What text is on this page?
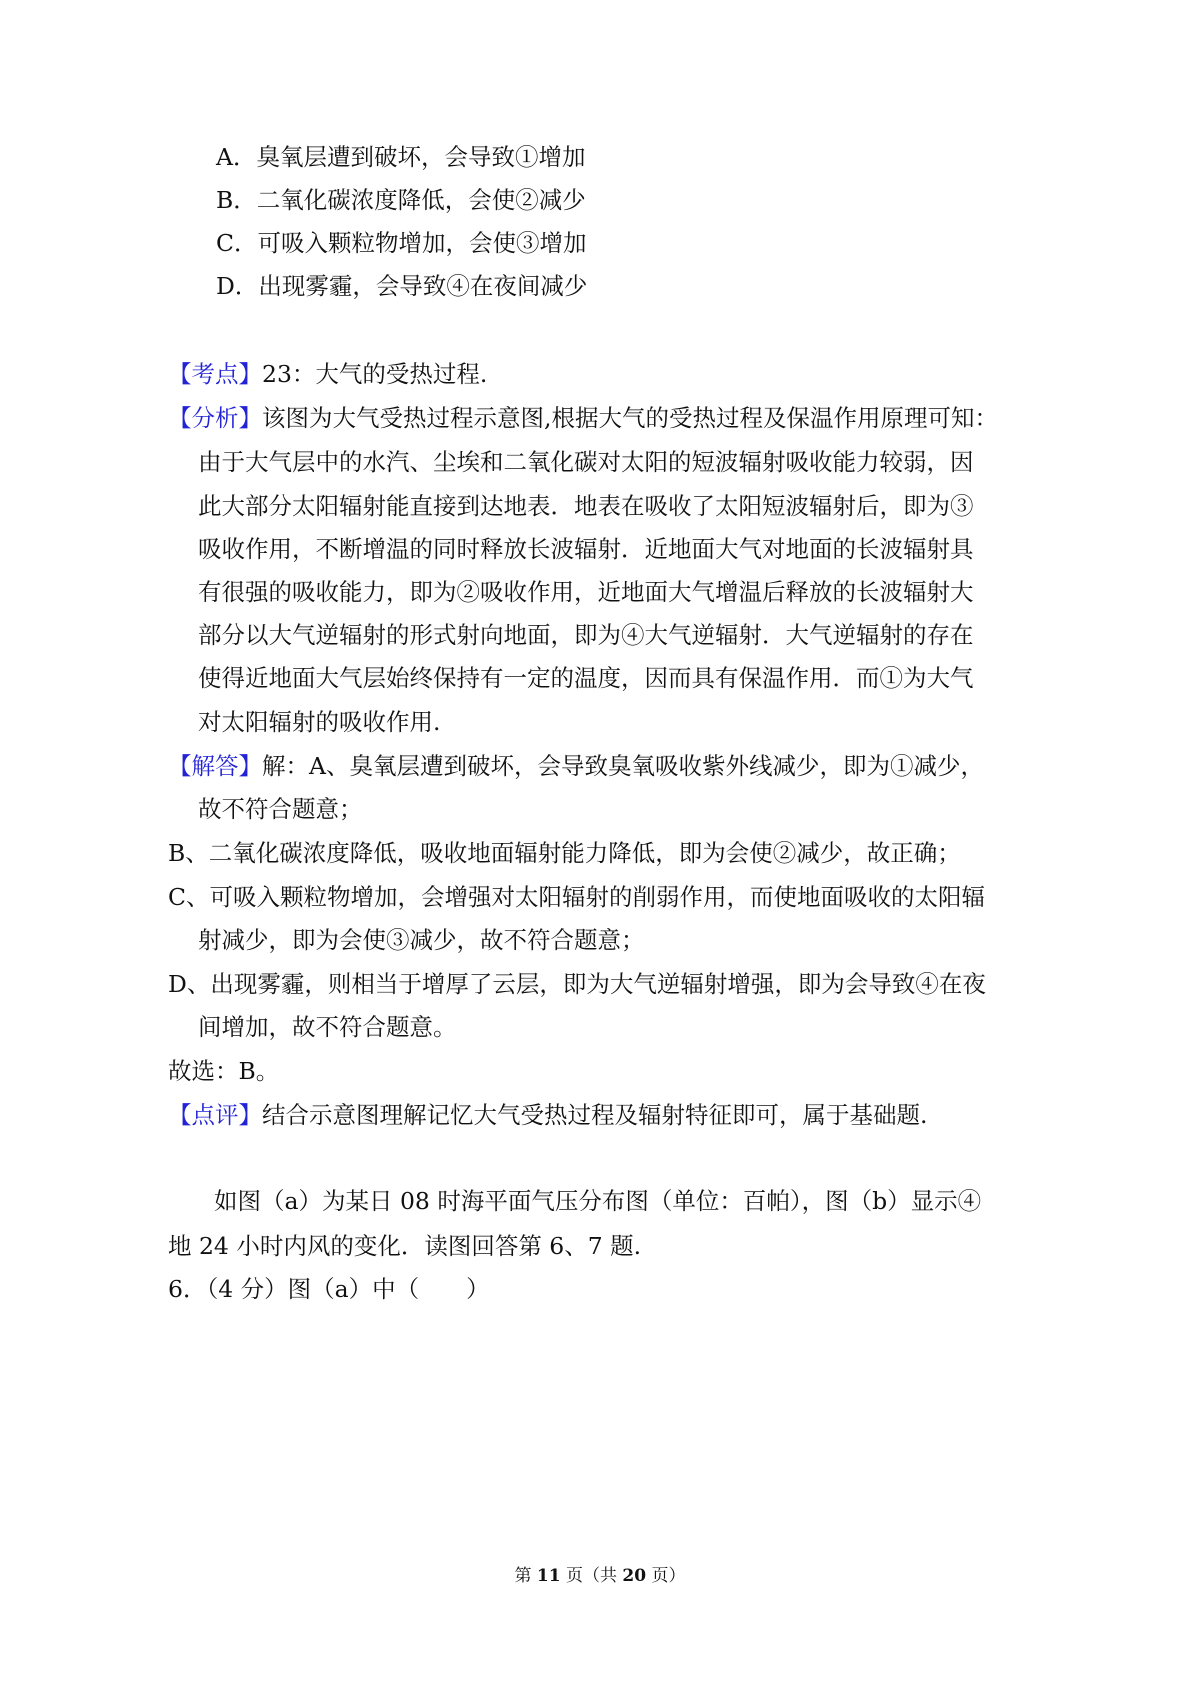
A．臭氧层遭到破坏，会导致①增加
B．二氧化碳浓度降低，会使②减少
C．可吸入颗粒物增加，会使③增加
D．出现雾霾，会导致④在夜间减少
【考点】23：大气的受热过程.
【分析】该图为大气受热过程示意图,根据大气的受热过程及保温作用原理可知：
由于大气层中的水汽、尘埃和二氧化碳对太阳的短波辐射吸收能力较弱，因
此大部分太阳辐射能直接到达地表．地表在吸收了太阳短波辐射后，即为③
吸收作用，不断增温的同时释放长波辐射．近地面大气对地面的长波辐射具
有很强的吸收能力，即为②吸收作用，近地面大气增温后释放的长波辐射大
部分以大气逆辐射的形式射向地面，即为④大气逆辐射．大气逆辐射的存在
使得近地面大气层始终保持有一定的温度，因而具有保温作用．而①为大气
对太阳辐射的吸收作用.
【解答】解：A、臭氧层遭到破坏，会导致臭氧吸收紫外线减少，即为①减少，
故不符合题意；
B、二氧化碳浓度降低，吸收地面辐射能力降低，即为会使②减少，故正确；
C、可吸入颗粒物增加，会增强对太阳辐射的削弱作用，而使地面吸收的太阳辐
射减少，即为会使③减少，故不符合题意；
D、出现雾霾，则相当于增厚了云层，即为大气逆辐射增强，即为会导致④在夜
间增加，故不符合题意。
故选：B。
【点评】结合示意图理解记忆大气受热过程及辐射特征即可，属于基础题.
如图（a）为某日 08 时海平面气压分布图（单位：百帕），图（b）显示④
地 24 小时内风的变化．读图回答第 6、7 题.
6．（4 分）图（a）中（　　）
第 11 页（共 20 页）
